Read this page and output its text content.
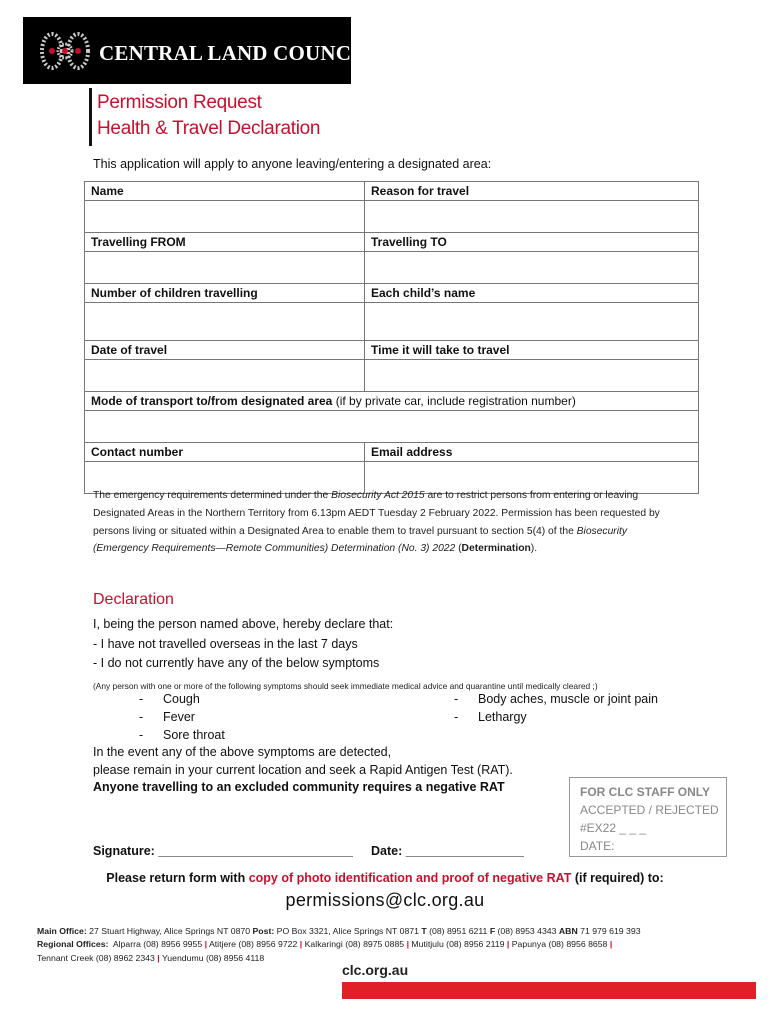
CENTRAL LAND COUNCIL
Permission Request
Health & Travel Declaration
This application will apply to anyone leaving/entering a designated area:
Name	Reason for travel

Travelling FROM	Travelling TO

Number of children travelling	Each child’s name

Date of travel	Time it will take to travel

Mode of transport to/from designated area (if by private car, include registration number)	

Contact number	Email address

The emergency requirements determined under the Biosecurity Act 2015 are to restrict persons from entering or leaving Designated Areas in the Northern Territory from 6.13pm AEDT Tuesday 2 February 2022. Permission has been requested by persons living or situated within a Designated Area to enable them to travel pursuant to section 5(4) of the Biosecurity (Emergency Requirements—Remote Communities) Determination (No. 3) 2022 (Determination).
Declaration
I, being the person named above, hereby declare that:
- I have not travelled overseas in the last 7 days
- I do not currently have any of the below symptoms
(Any person with one or more of the following symptoms should seek immediate medical advice and quarantine until medically cleared ;)
- Cough
- Fever
- Sore throat
- Body aches, muscle or joint pain
- Lethargy
In the event any of the above symptoms are detected,
please remain in your current location and seek a Rapid Antigen Test (RAT).
Anyone travelling to an excluded community requires a negative RAT	FOR CLC STAFF ONLY
ACCEPTED / REJECTED
#EX22 _ _ _
DATE:
Signature: ____________________________ Date: _________________
Please return form with copy of photo identification and proof of negative RAT (if required) to:
permissions@clc.org.au
Main Office: 27 Stuart Highway, Alice Springs NT 0870 Post: PO Box 3321, Alice Springs NT 0871 T (08) 8951 6211 F (08) 8953 4343 ABN 71 979 619 393
Regional Offices: Alparra (08) 8956 9955 | Atitjere (08) 8956 9722 | Kalkaringi (08) 8975 0885 | Mutitjulu (08) 8956 2119 | Papunya (08) 8956 8658 |
Tennant Creek (08) 8962 2343 | Yuendumu (08) 8956 4118
clc.org.au
